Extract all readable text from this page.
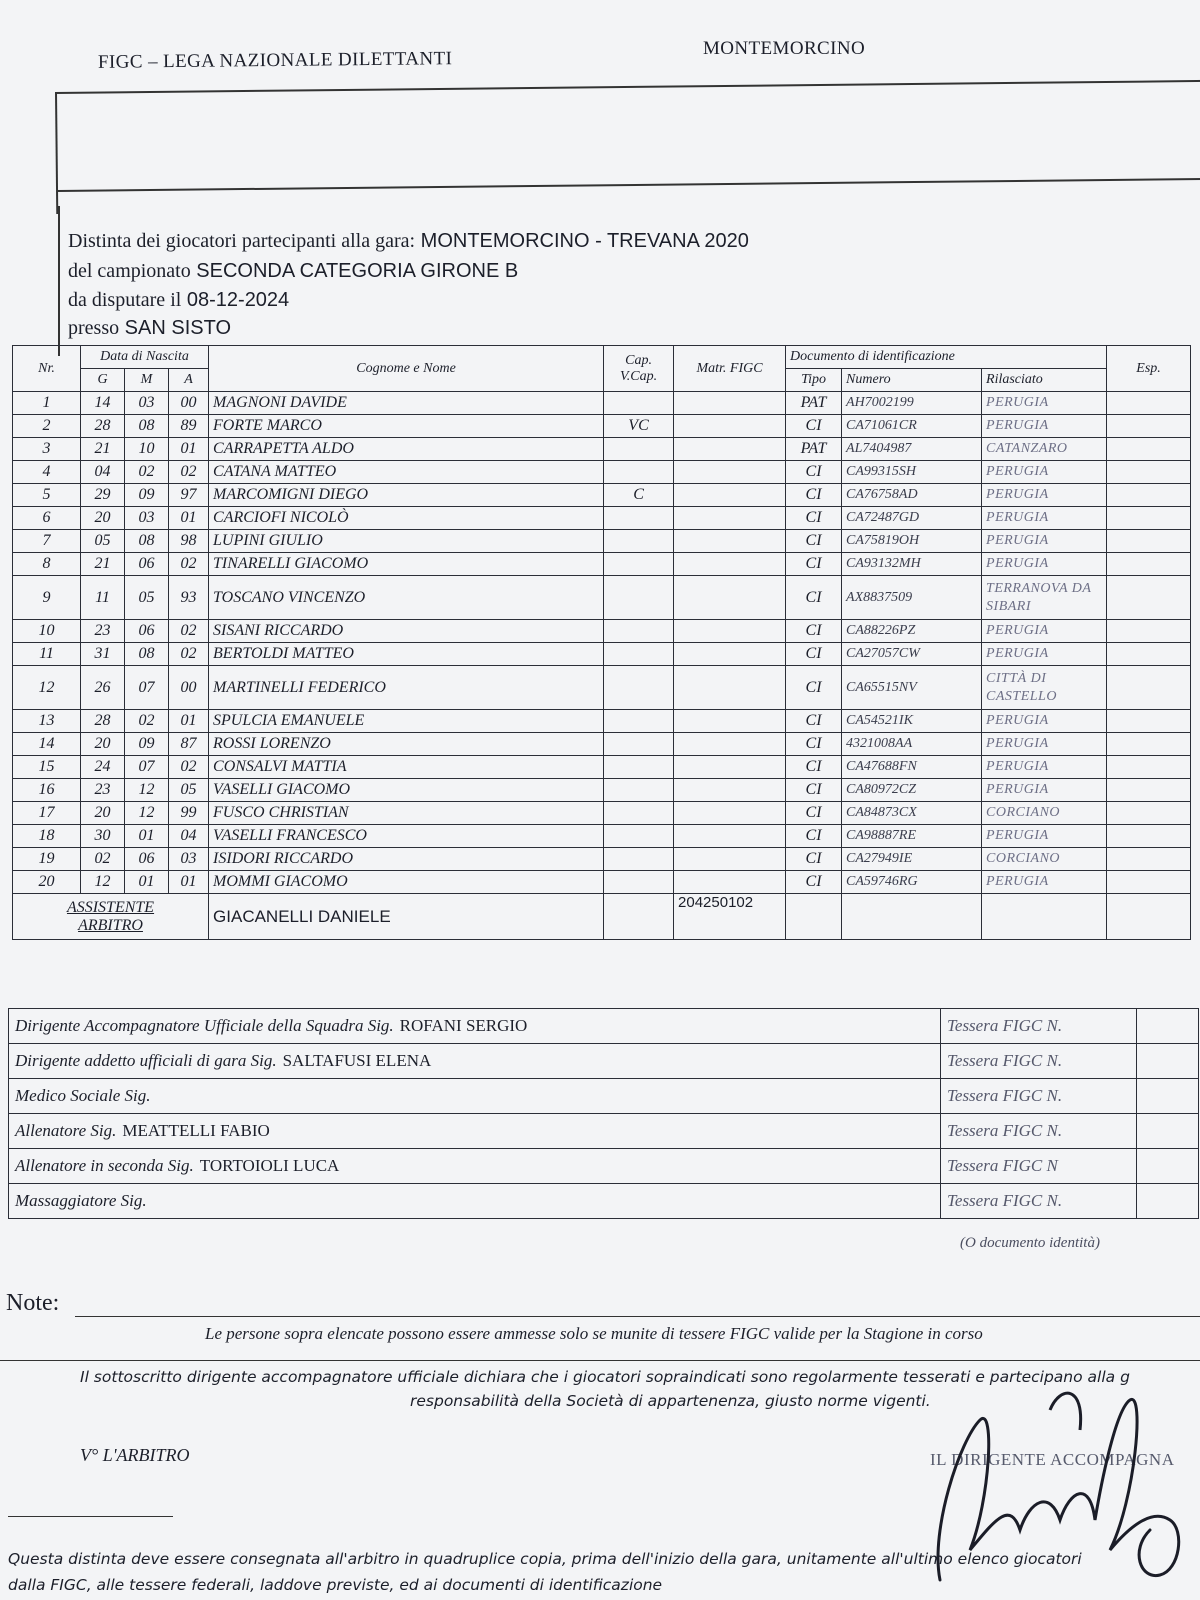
FIGC – LEGA NAZIONALE DILETTANTI	MONTEMORCINO
Distinta dei giocatori partecipanti alla gara: MONTEMORCINO - TREVANA 2020
del campionato SECONDA CATEGORIA GIRONE B
da disputare il 08-12-2024
presso SAN SISTO
Nr.	Data di Nascita			Cognome e Nome	Cap. V.Cap.	Matr. FIGC	Documento di identificazione			Esp.
	G	M	A				Tipo	Numero	Rilasciato	
1	14	03	00	MAGNONI DAVIDE			PAT	AH7002199	PERUGIA	
2	28	08	89	FORTE MARCO	VC		CI	CA71061CR	PERUGIA	
3	21	10	01	CARRAPETTA ALDO			PAT	AL7404987	CATANZARO	
4	04	02	02	CATANA MATTEO			CI	CA99315SH	PERUGIA	
5	29	09	97	MARCOMIGNI DIEGO	C		CI	CA76758AD	PERUGIA	
6	20	03	01	CARCIOFI NICOLÒ			CI	CA72487GD	PERUGIA	
7	05	08	98	LUPINI GIULIO			CI	CA75819OH	PERUGIA	
8	21	06	02	TINARELLI GIACOMO			CI	CA93132MH	PERUGIA	
9	11	05	93	TOSCANO VINCENZO			CI	AX8837509	TERRANOVA DA SIBARI	
10	23	06	02	SISANI RICCARDO			CI	CA88226PZ	PERUGIA	
11	31	08	02	BERTOLDI MATTEO			CI	CA27057CW	PERUGIA	
12	26	07	00	MARTINELLI FEDERICO			CI	CA65515NV	CITTÀ DI CASTELLO	
13	28	02	01	SPULCIA EMANUELE			CI	CA54521IK	PERUGIA	
14	20	09	87	ROSSI LORENZO			CI	4321008AA	PERUGIA	
15	24	07	02	CONSALVI MATTIA			CI	CA47688FN	PERUGIA	
16	23	12	05	VASELLI GIACOMO			CI	CA80972CZ	PERUGIA	
17	20	12	99	FUSCO CHRISTIAN			CI	CA84873CX	CORCIANO	
18	30	01	04	VASELLI FRANCESCO			CI	CA98887RE	PERUGIA	
19	02	06	03	ISIDORI RICCARDO			CI	CA27949IE	CORCIANO	
20	12	01	01	MOMMI GIACOMO			CI	CA59746RG	PERUGIA	

ASSISTENTE
ARBITRO				GIACANELLI DANIELE		204250102				
Dirigente Accompagnatore Ufficiale della Squadra Sig. ROFANI SERGIO	Tessera FIGC N.	
Dirigente addetto ufficiali di gara Sig. SALTAFUSI ELENA	Tessera FIGC N.	
Medico Sociale Sig.	Tessera FIGC N.	
Allenatore Sig. MEATTELLI FABIO	Tessera FIGC N.	
Allenatore in seconda Sig. TORTOIOLI LUCA	Tessera FIGC N	
Massaggiatore Sig.	Tessera FIGC N.	
(O documento identità)
Note:
Le persone sopra elencate possono essere ammesse solo se munite di tessere FIGC valide per la Stagione in corso
Il sottoscritto dirigente accompagnatore ufficiale dichiara che i giocatori sopraindicati sono regolarmente tesserati e partecipano alla g
responsabilità della Società di appartenenza, giusto norme vigenti.
V° L'ARBITRO	IL DIRIGENTE ACCOMPAGNA
Questa distinta deve essere consegnata all'arbitro in quadruplice copia, prima dell'inizio della gara, unitamente all'ultimo elenco giocatori
dalla FIGC, alle tessere federali, laddove previste, ed ai documenti di identificazione
